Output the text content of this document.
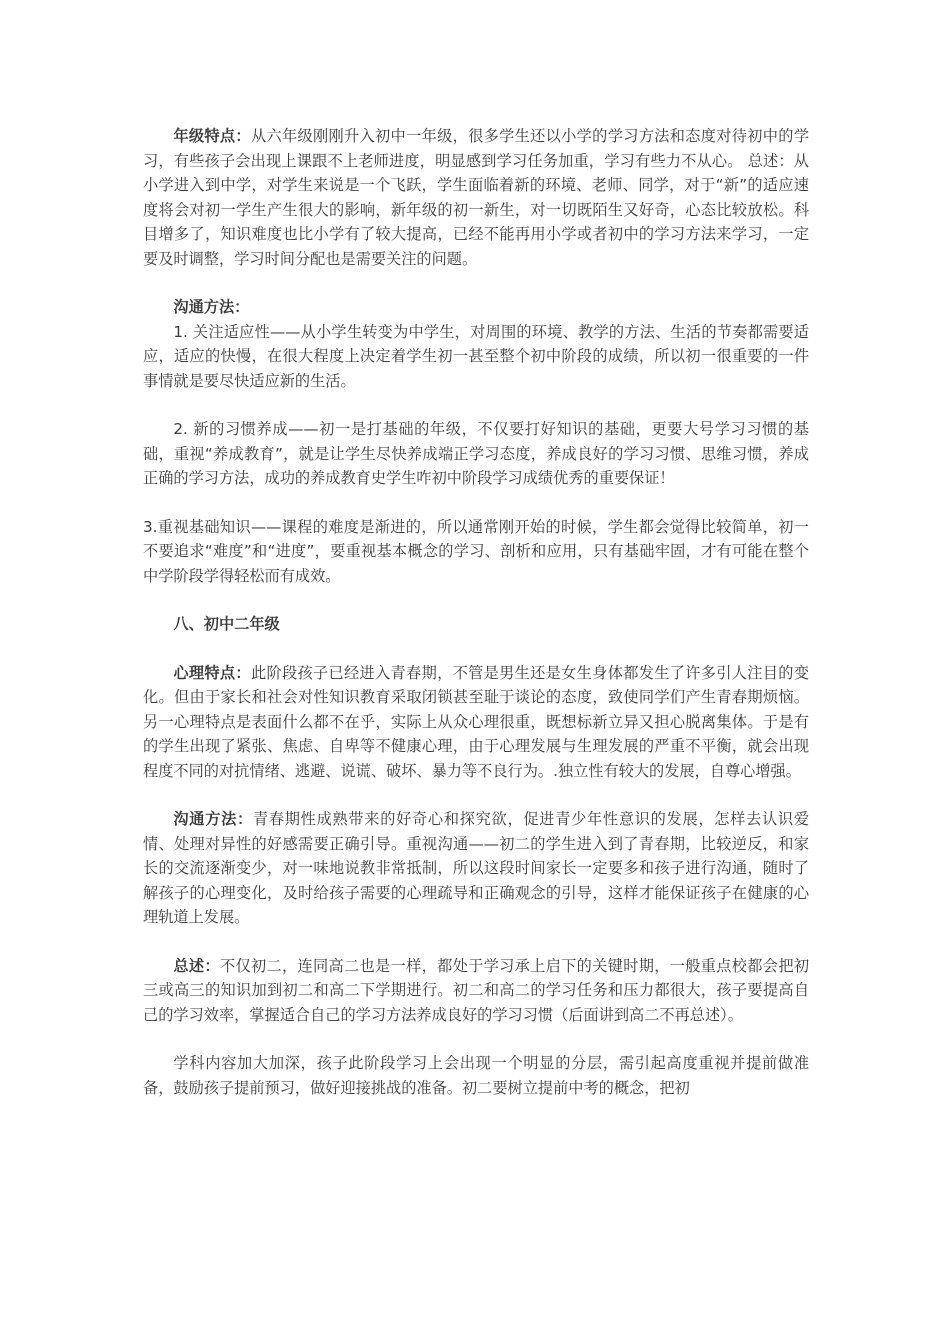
年级特点：从六年级刚刚升入初中一年级，很多学生还以小学的学习方法和态度对待初中的学习，有些孩子会出现上课跟不上老师进度，明显感到学习任务加重，学习有些力不从心。 总述：从小学进入到中学，对学生来说是一个飞跃，学生面临着新的环境、老师、同学，对于“新”的适应速度将会对初一学生产生很大的影响，新年级的初一新生，对一切既陌生又好奇，心态比较放松。科目增多了，知识难度也比小学有了较大提高，已经不能再用小学或者初中的学习方法来学习，一定要及时调整，学习时间分配也是需要关注的问题。

沟通方法：

1. 关注适应性——从小学生转变为中学生，对周围的环境、教学的方法、生活的节奏都需要适应，适应的快慢，在很大程度上决定着学生初一甚至整个初中阶段的成绩，所以初一很重要的一件事情就是要尽快适应新的生活。

2. 新的习惯养成——初一是打基础的年级，不仅要打好知识的基础，更要大号学习习惯的基础，重视“养成教育”，就是让学生尽快养成端正学习态度，养成良好的学习习惯、思维习惯，养成正确的学习方法，成功的养成教育史学生咋初中阶段学习成绩优秀的重要保证！

3.重视基础知识——课程的难度是渐进的，所以通常刚开始的时候，学生都会觉得比较简单，初一不要追求“难度”和“进度”，要重视基本概念的学习、剖析和应用，只有基础牢固，才有可能在整个中学阶段学得轻松而有成效。

八、初中二年级

心理特点：此阶段孩子已经进入青春期，不管是男生还是女生身体都发生了许多引人注目的变化。但由于家长和社会对性知识教育采取闭锁甚至耻于谈论的态度，致使同学们产生青春期烦恼。另一心理特点是表面什么都不在乎，实际上从众心理很重，既想标新立异又担心脱离集体。于是有的学生出现了紧张、焦虑、自卑等不健康心理，由于心理发展与生理发展的严重不平衡，就会出现程度不同的对抗情绪、逃避、说谎、破坏、暴力等不良行为。.独立性有较大的发展，自尊心增强。

沟通方法：青春期性成熟带来的好奇心和探究欲，促进青少年性意识的发展，怎样去认识爱情、处理对异性的好感需要正确引导。重视沟通——初二的学生进入到了青春期，比较逆反，和家长的交流逐渐变少，对一味地说教非常抵制，所以这段时间家长一定要多和孩子进行沟通，随时了解孩子的心理变化，及时给孩子需要的心理疏导和正确观念的引导，这样才能保证孩子在健康的心理轨道上发展。

总述：不仅初二，连同高二也是一样，都处于学习承上启下的关键时期，一般重点校都会把初三或高三的知识加到初二和高二下学期进行。初二和高二的学习任务和压力都很大，孩子要提高自己的学习效率，掌握适合自己的学习方法养成良好的学习习惯（后面讲到高二不再总述）。

学科内容加大加深，孩子此阶段学习上会出现一个明显的分层，需引起高度重视并提前做准备，鼓励孩子提前预习，做好迎接挑战的准备。初二要树立提前中考的概念，把初
